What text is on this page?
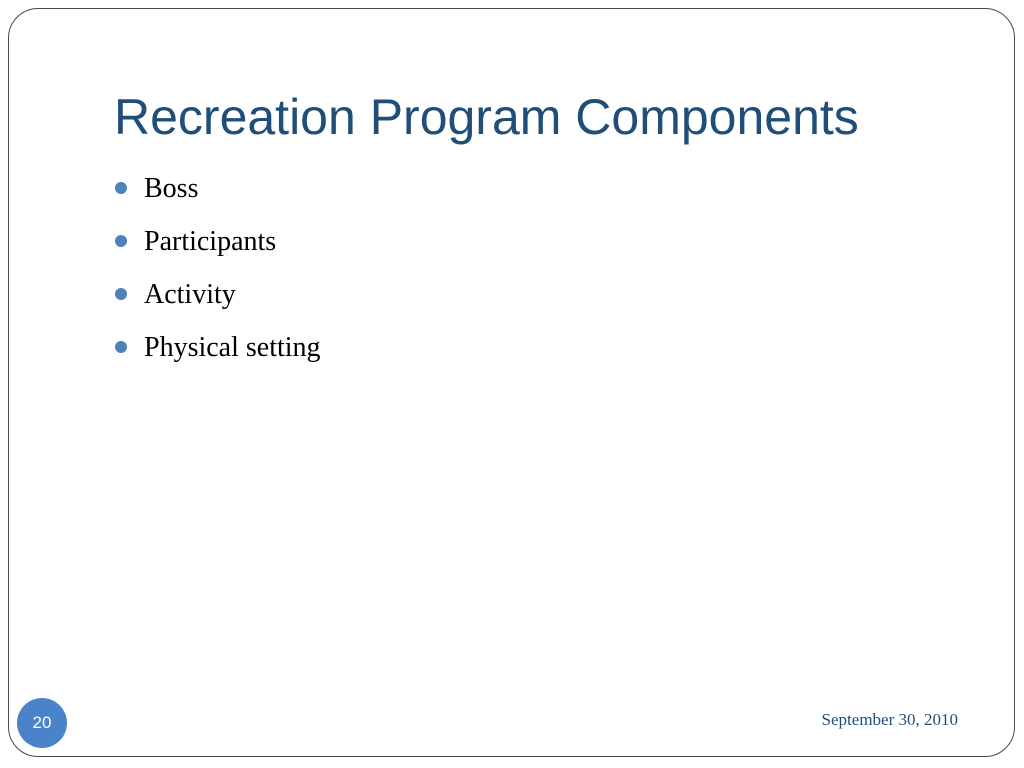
Recreation Program Components
Boss
Participants
Activity
Physical setting
20	September 30, 2010
